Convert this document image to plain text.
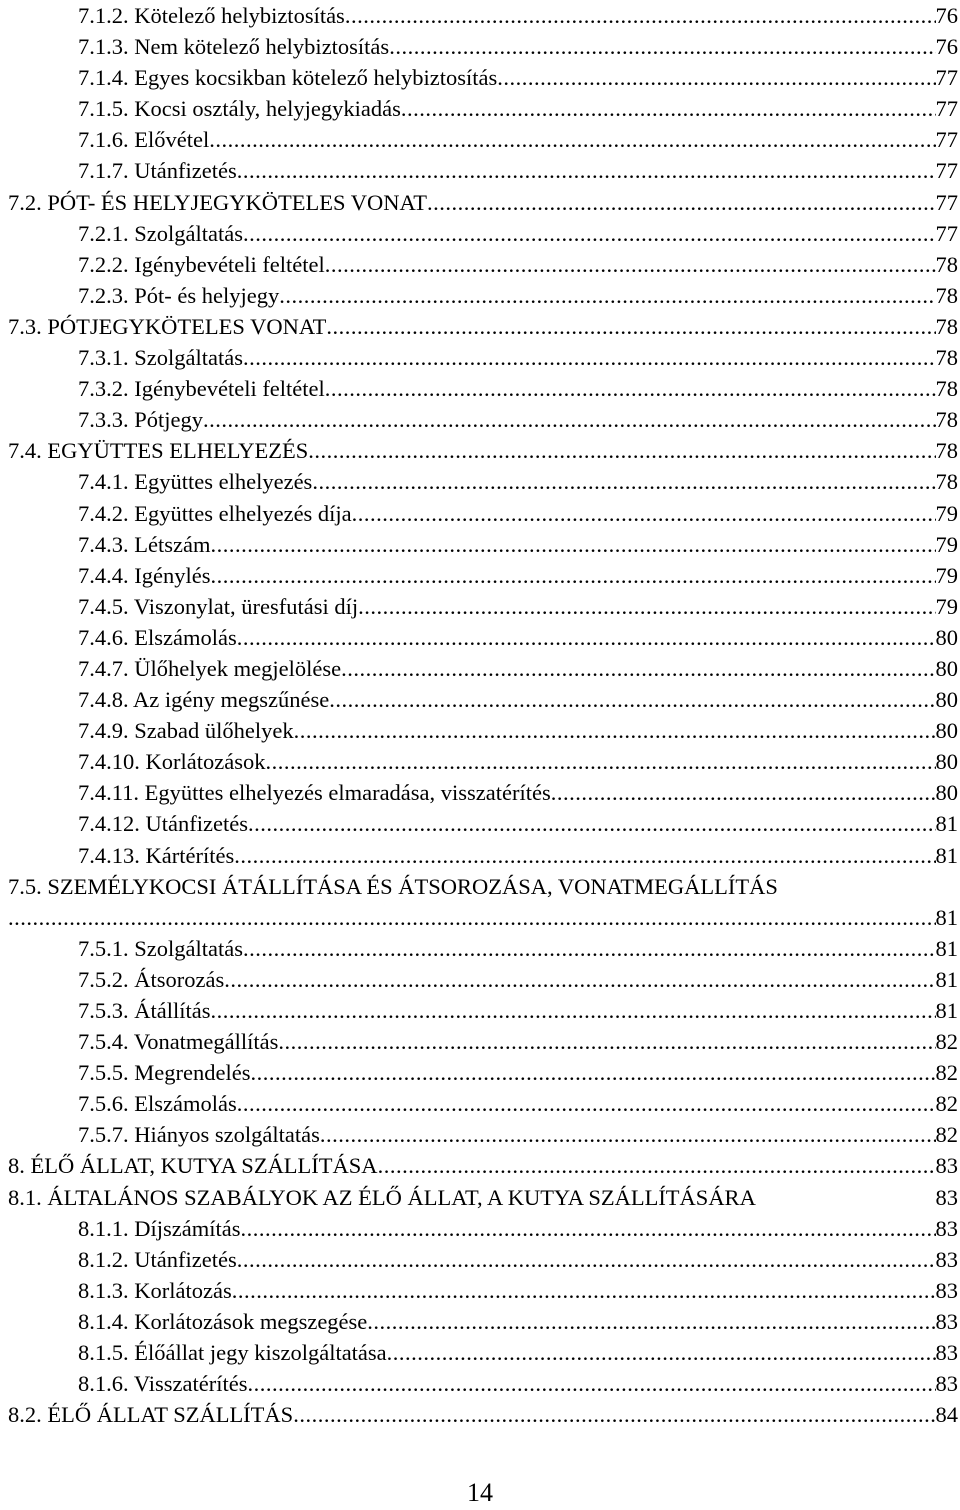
7.1.2. Kötelező helybiztosítás .....	76
7.1.3. Nem kötelező helybiztosítás .....	76
7.1.4. Egyes kocsikban kötelező helybiztosítás .....	77
7.1.5. Kocsi osztály, helyjegykiadás .....	77
7.1.6. Elővétel .....	77
7.1.7. Utánfizetés .....	77
7.2. PÓT- ÉS HELYJEGYKÖTELES VONAT .....	77
7.2.1. Szolgáltatás .....	77
7.2.2. Igénybevételi feltétel .....	78
7.2.3. Pót- és helyjegy .....	78
7.3. PÓTJEGYKÖTELES VONAT .....	78
7.3.1. Szolgáltatás .....	78
7.3.2. Igénybevételi feltétel .....	78
7.3.3. Pótjegy .....	78
7.4. EGYÜTTES ELHELYEZÉS .....	78
7.4.1. Együttes elhelyezés .....	78
7.4.2. Együttes elhelyezés díja .....	79
7.4.3. Létszám .....	79
7.4.4. Igénylés .....	79
7.4.5. Viszonylat, üresfutási díj .....	79
7.4.6. Elszámolás .....	80
7.4.7. Ülőhelyek megjelölése .....	80
7.4.8. Az igény megszűnése .....	80
7.4.9. Szabad ülőhelyek .....	80
7.4.10. Korlátozások .....	80
7.4.11. Együttes elhelyezés elmaradása, visszatérítés .....	80
7.4.12. Utánfizetés .....	81
7.4.13. Kártérítés .....	81
7.5. SZEMÉLYKOCSI ÁTÁLLÍTÁSA ÉS ÁTSOROZÁSA, VONATMEGÁLLÍTÁS
.....
81
7.5.1. Szolgáltatás .....	81
7.5.2. Átsorozás .....	81
7.5.3. Átállítás .....	81
7.5.4. Vonatmegállítás .....	82
7.5.5. Megrendelés .....	82
7.5.6. Elszámolás .....	82
7.5.7. Hiányos szolgáltatás .....	82
8. ÉLŐ ÁLLAT, KUTYA SZÁLLÍTÁSA .....	83
8.1. ÁLTALÁNOS SZABÁLYOK AZ ÉLŐ ÁLLAT, A KUTYA SZÁLLÍTÁSÁRA	83
8.1.1. Díjszámítás .....	83
8.1.2. Utánfizetés .....	83
8.1.3. Korlátozás .....	83
8.1.4. Korlátozások megszegése .....	83
8.1.5. Élőállat jegy kiszolgáltatása .....	83
8.1.6. Visszatérítés .....	83
8.2. ÉLŐ ÁLLAT SZÁLLÍTÁS .....	84
14
